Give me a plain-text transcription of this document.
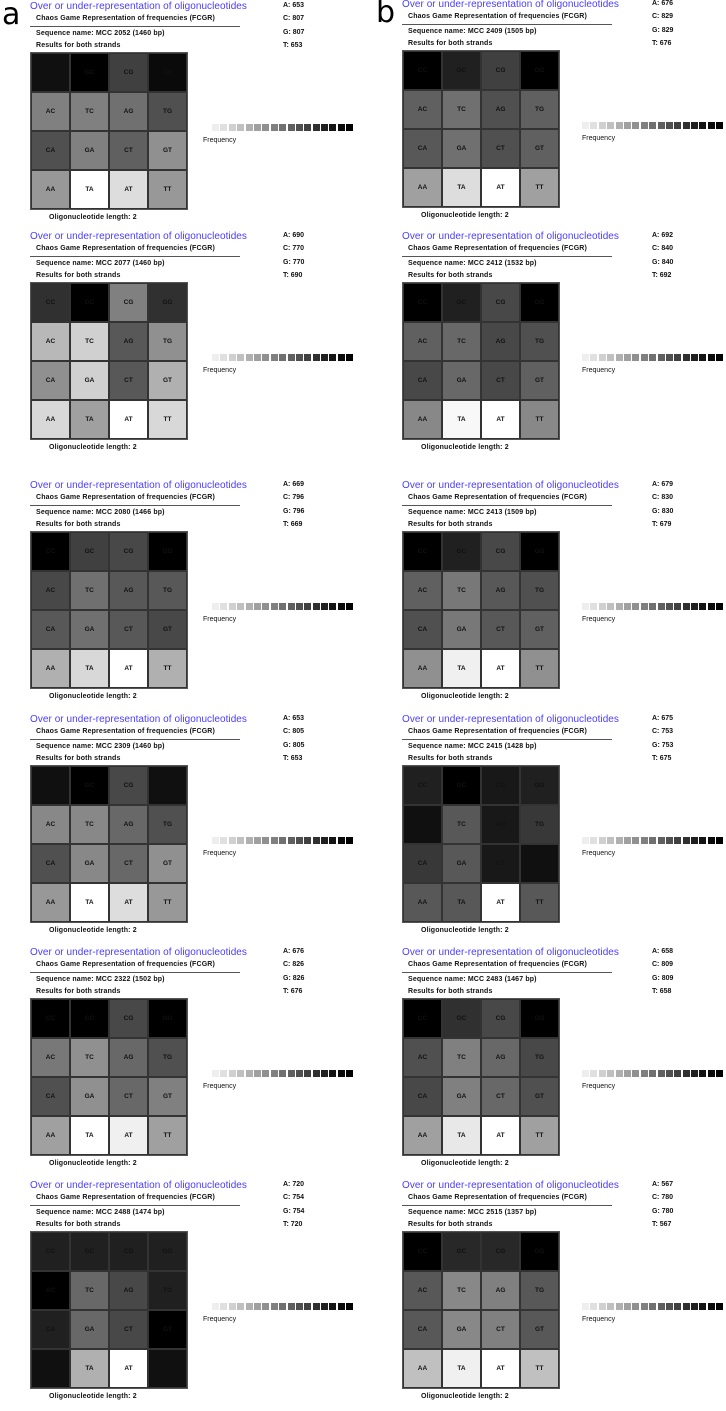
a	b
Over or under-representation of oligonucleotides
Chaos Game Representation of frequencies (FCGR)
Sequence name: MCC 2052 (1460 bp)
Results for both strands
CC	GC	CG	GG
AC	TC	AG	TG
CA	GA	CT	GT
AA	TA	AT	TT
Oligonucleotide length: 2
A: 653
C: 807
G: 807
T: 653
Frequency
Over or under-representation of oligonucleotides
Chaos Game Representation of frequencies (FCGR)
Sequence name: MCC 2409 (1505 bp)
Results for both strands
CC	GC	CG	GG
AC	TC	AG	TG
CA	GA	CT	GT
AA	TA	AT	TT
Oligonucleotide length: 2
A: 676
C: 829
G: 829
T: 676
Frequency
Over or under-representation of oligonucleotides
Chaos Game Representation of frequencies (FCGR)
Sequence name: MCC 2077 (1460 bp)
Results for both strands
CC	GC	CG	GG
AC	TC	AG	TG
CA	GA	CT	GT
AA	TA	AT	TT
Oligonucleotide length: 2
A: 690
C: 770
G: 770
T: 690
Frequency
Over or under-representation of oligonucleotides
Chaos Game Representation of frequencies (FCGR)
Sequence name: MCC 2412 (1532 bp)
Results for both strands
CC	GC	CG	GG
AC	TC	AG	TG
CA	GA	CT	GT
AA	TA	AT	TT
Oligonucleotide length: 2
A: 692
C: 840
G: 840
T: 692
Frequency
Over or under-representation of oligonucleotides
Chaos Game Representation of frequencies (FCGR)
Sequence name: MCC 2080 (1466 bp)
Results for both strands
CC	GC	CG	GG
AC	TC	AG	TG
CA	GA	CT	GT
AA	TA	AT	TT
Oligonucleotide length: 2
A: 669
C: 796
G: 796
T: 669
Frequency
Over or under-representation of oligonucleotides
Chaos Game Representation of frequencies (FCGR)
Sequence name: MCC 2413 (1509 bp)
Results for both strands
CC	GC	CG	GG
AC	TC	AG	TG
CA	GA	CT	GT
AA	TA	AT	TT
Oligonucleotide length: 2
A: 679
C: 830
G: 830
T: 679
Frequency
Over or under-representation of oligonucleotides
Chaos Game Representation of frequencies (FCGR)
Sequence name: MCC 2309 (1460 bp)
Results for both strands
CC	GC	CG	GG
AC	TC	AG	TG
CA	GA	CT	GT
AA	TA	AT	TT
Oligonucleotide length: 2
A: 653
C: 805
G: 805
T: 653
Frequency
Over or under-representation of oligonucleotides
Chaos Game Representation of frequencies (FCGR)
Sequence name: MCC 2415 (1428 bp)
Results for both strands
CC	GC	CG	GG
AC	TC	AG	TG
CA	GA	CT	GT
AA	TA	AT	TT
Oligonucleotide length: 2
A: 675
C: 753
G: 753
T: 675
Frequency
Over or under-representation of oligonucleotides
Chaos Game Representation of frequencies (FCGR)
Sequence name: MCC 2322 (1502 bp)
Results for both strands
CC	GC	CG	GG
AC	TC	AG	TG
CA	GA	CT	GT
AA	TA	AT	TT
Oligonucleotide length: 2
A: 676
C: 826
G: 826
T: 676
Frequency
Over or under-representation of oligonucleotides
Chaos Game Representation of frequencies (FCGR)
Sequence name: MCC 2483 (1467 bp)
Results for both strands
CC	GC	CG	GG
AC	TC	AG	TG
CA	GA	CT	GT
AA	TA	AT	TT
Oligonucleotide length: 2
A: 658
C: 809
G: 809
T: 658
Frequency
Over or under-representation of oligonucleotides
Chaos Game Representation of frequencies (FCGR)
Sequence name: MCC 2488 (1474 bp)
Results for both strands
CC	GC	CG	GG
AC	TC	AG	TG
CA	GA	CT	GT
AA	TA	AT	TT
Oligonucleotide length: 2
A: 720
C: 754
G: 754
T: 720
Frequency
Over or under-representation of oligonucleotides
Chaos Game Representation of frequencies (FCGR)
Sequence name: MCC 2515 (1357 bp)
Results for both strands
CC	GC	CG	GG
AC	TC	AG	TG
CA	GA	CT	GT
AA	TA	AT	TT
Oligonucleotide length: 2
A: 567
C: 780
G: 780
T: 567
Frequency
